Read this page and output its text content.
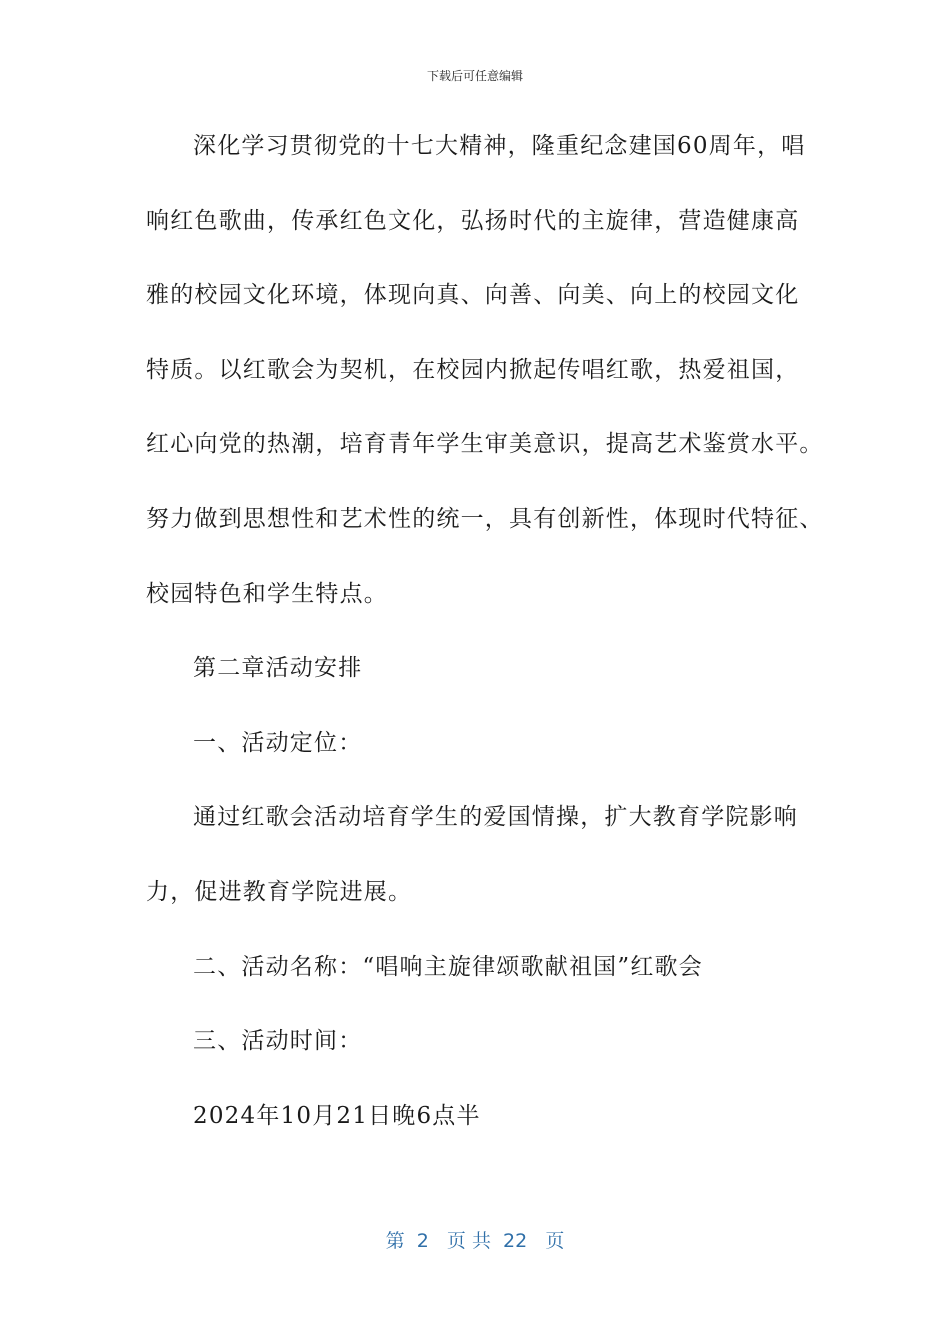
下载后可任意编辑
深化学习贯彻党的十七大精神，隆重纪念建国60周年，唱
响红色歌曲，传承红色文化，弘扬时代的主旋律，营造健康高
雅的校园文化环境，体现向真、向善、向美、向上的校园文化
特质。以红歌会为契机，在校园内掀起传唱红歌，热爱祖国，
红心向党的热潮，培育青年学生审美意识，提高艺术鉴赏水平。
努力做到思想性和艺术性的统一，具有创新性，体现时代特征、
校园特色和学生特点。
第二章活动安排
一、活动定位：
通过红歌会活动培育学生的爱国情操，扩大教育学院影响
力，促进教育学院进展。
二、活动名称：“唱响主旋律颂歌献祖国”红歌会
三、活动时间：
2024年10月21日晚6点半
第  2   页 共  22   页
